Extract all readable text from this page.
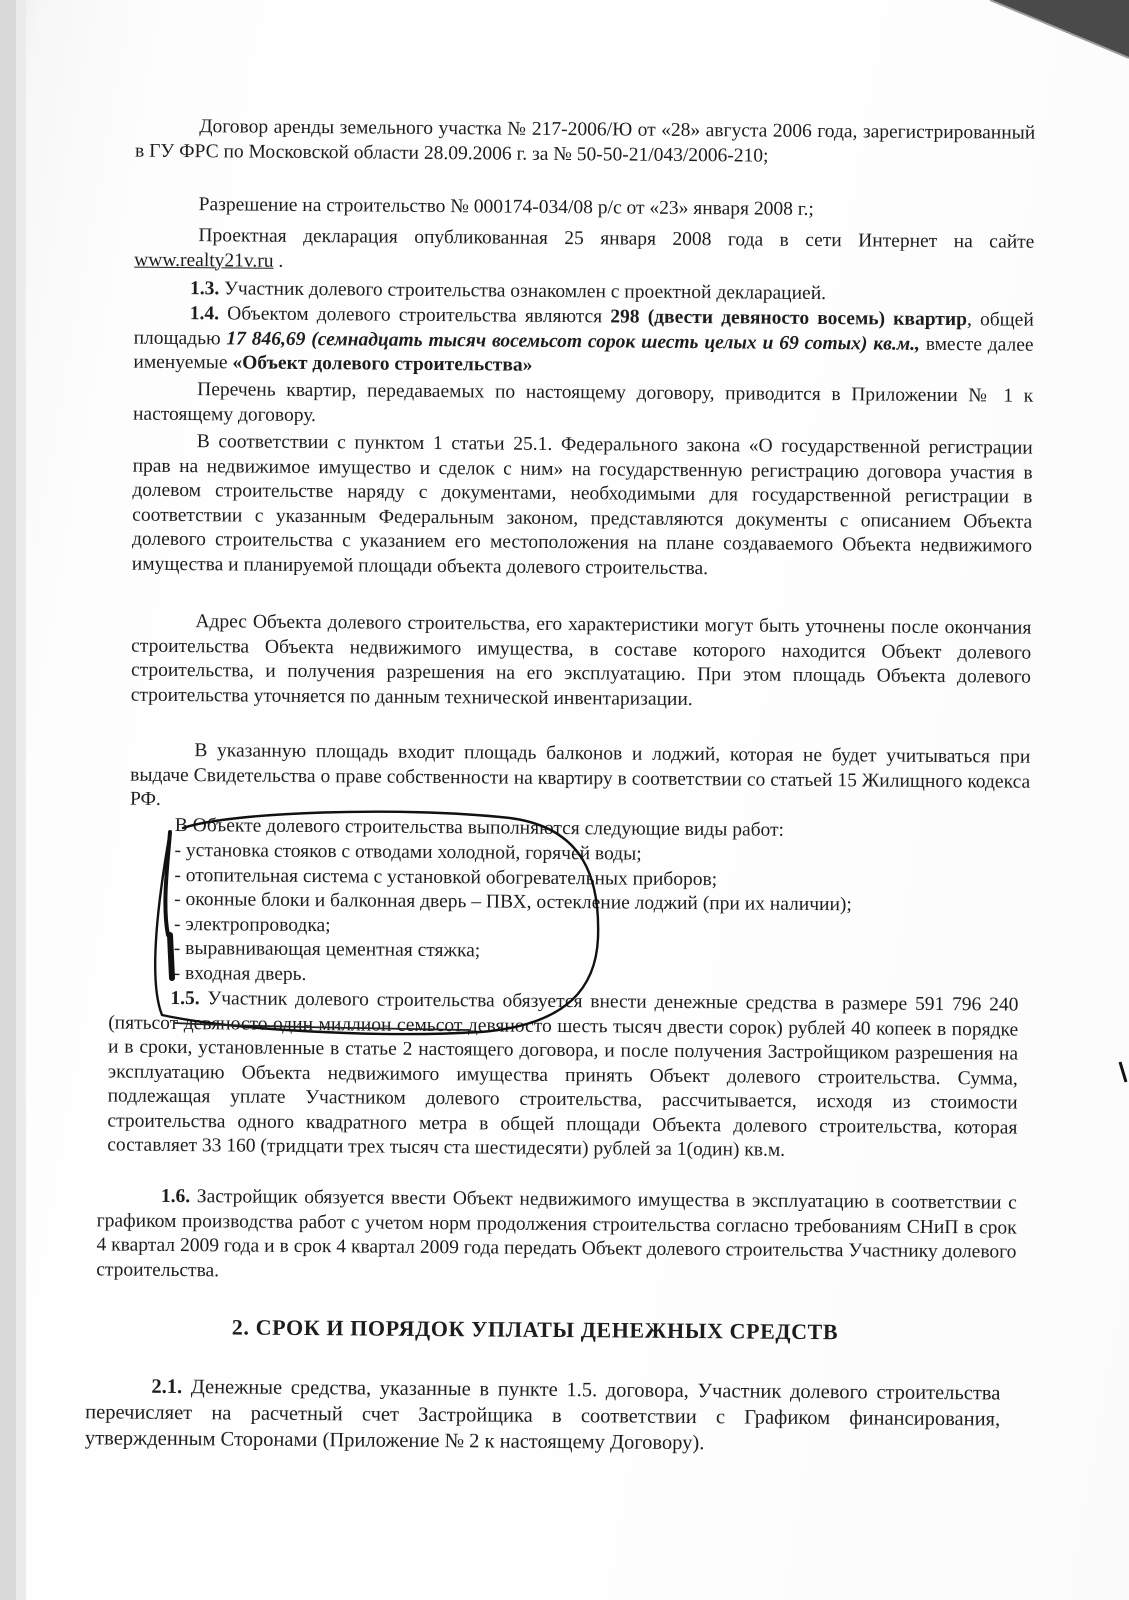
Договор аренды земельного участка № 217-2006/Ю от «28» августа 2006 года, зарегистрированный в ГУ ФРС по Московской области 28.09.2006 г. за № 50-50-21/043/2006-210;

Разрешение на строительство № 000174-034/08 р/с от «23» января 2008 г.;

Проектная декларация опубликованная 25 января 2008 года в сети Интернет на сайте www.realty21v.ru .

1.3. Участник долевого строительства ознакомлен с проектной декларацией.

1.4. Объектом долевого строительства являются 298 (двести девяносто восемь) квартир, общей площадью 17 846,69 (семнадцать тысяч восемьсот сорок шесть целых и 69 сотых) кв.м., вместе далее именуемые «Объект долевого строительства»

Перечень квартир, передаваемых по настоящему договору, приводится в Приложении № 1 к настоящему договору.

В соответствии с пунктом 1 статьи 25.1. Федерального закона «О государственной регистрации прав на недвижимое имущество и сделок с ним» на государственную регистрацию договора участия в долевом строительстве наряду с документами, необходимыми для государственной регистрации в соответствии с указанным Федеральным законом, представляются документы с описанием Объекта долевого строительства с указанием его местоположения на плане создаваемого Объекта недвижимого имущества и планируемой площади объекта долевого строительства.

Адрес Объекта долевого строительства, его характеристики могут быть уточнены после окончания строительства Объекта недвижимого имущества, в составе которого находится Объект долевого строительства, и получения разрешения на его эксплуатацию. При этом площадь Объекта долевого строительства уточняется по данным технической инвентаризации.

В указанную площадь входит площадь балконов и лоджий, которая не будет учитываться при выдаче Свидетельства о праве собственности на квартиру в соответствии со статьей 15 Жилищного кодекса РФ.

В Объекте долевого строительства выполняются следующие виды работ:

- установка стояков с отводами холодной, горячей воды;
- отопительная система с установкой обогревательных приборов;
- оконные блоки и балконная дверь – ПВХ, остекление лоджий (при их наличии);
- электропроводка;
- выравнивающая цементная стяжка;
- входная дверь.

1.5. Участник долевого строительства обязуется внести денежные средства в размере 591 796 240 (пятьсот девяносто один миллион семьсот девяносто шесть тысяч двести сорок) рублей 40 копеек в порядке и в сроки, установленные в статье 2 настоящего договора, и после получения Застройщиком разрешения на эксплуатацию Объекта недвижимого имущества принять Объект долевого строительства. Сумма, подлежащая уплате Участником долевого строительства, рассчитывается, исходя из стоимости строительства одного квадратного метра в общей площади Объекта долевого строительства, которая составляет 33 160 (тридцати трех тысяч ста шестидесяти) рублей за 1(один) кв.м.

1.6. Застройщик обязуется ввести Объект недвижимого имущества в эксплуатацию в соответствии с графиком производства работ с учетом норм продолжения строительства согласно требованиям СНиП в срок 4 квартал 2009 года и в срок 4 квартал 2009 года передать Объект долевого строительства Участнику долевого строительства.

2. СРОК И ПОРЯДОК УПЛАТЫ ДЕНЕЖНЫХ СРЕДСТВ

2.1. Денежные средства, указанные в пункте 1.5. договора, Участник долевого строительства перечисляет на расчетный счет Застройщика в соответствии с Графиком финансирования, утвержденным Сторонами (Приложение № 2 к настоящему Договору).
